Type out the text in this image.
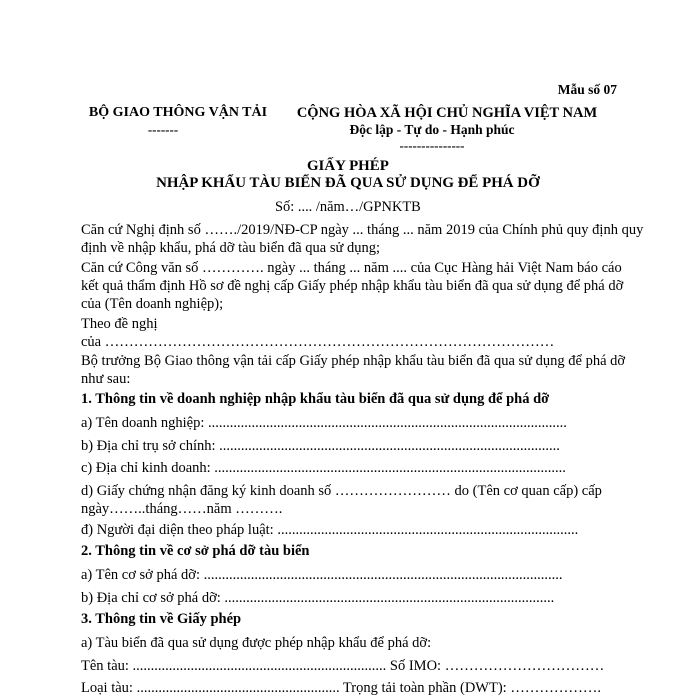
Mẫu số 07
BỘ GIAO THÔNG VẬN TẢI
-------
CỘNG HÒA XÃ HỘI CHỦ NGHĨA VIỆT NAM
Độc lập - Tự do - Hạnh phúc
---------------
GIẤY PHÉP
NHẬP KHẨU TÀU BIỂN ĐÃ QUA SỬ DỤNG ĐỂ PHÁ DỠ
Số: .... /năm…/GPNKTB
Căn cứ Nghị định số ……./2019/NĐ-CP ngày ... tháng ... năm 2019 của Chính phủ quy định quy
định về nhập khẩu, phá dỡ tàu biển đã qua sử dụng;
Căn cứ Công văn số …………. ngày ... tháng ... năm .... của Cục Hàng hải Việt Nam báo cáo
kết quả thẩm định Hồ sơ đề nghị cấp Giấy phép nhập khẩu tàu biển đã qua sử dụng để phá dỡ
của (Tên doanh nghiệp);
Theo đề nghị
của …………………………………………………………………………………
Bộ trưởng Bộ Giao thông vận tải cấp Giấy phép nhập khẩu tàu biển đã qua sử dụng để phá dỡ
như sau:
1. Thông tin về doanh nghiệp nhập khẩu tàu biển đã qua sử dụng để phá dỡ
a) Tên doanh nghiệp: ...................................................................................................
b) Địa chỉ trụ sở chính: ..............................................................................................
c) Địa chỉ kinh doanh: .................................................................................................
d) Giấy chứng nhận đăng ký kinh doanh số …………………… do (Tên cơ quan cấp) cấp
ngày……..tháng……năm ……….
đ) Người đại diện theo pháp luật: ...................................................................................
2. Thông tin về cơ sở phá dỡ tàu biển
a) Tên cơ sở phá dỡ: ...................................................................................................
b) Địa chỉ cơ sở phá dỡ: ...........................................................................................
3. Thông tin về Giấy phép
a) Tàu biển đã qua sử dụng được phép nhập khẩu để phá dỡ:
Tên tàu: ...................................................................... Số IMO: ……………………………
Loại tàu: ........................................................ Trọng tải toàn phần (DWT): ……………….
